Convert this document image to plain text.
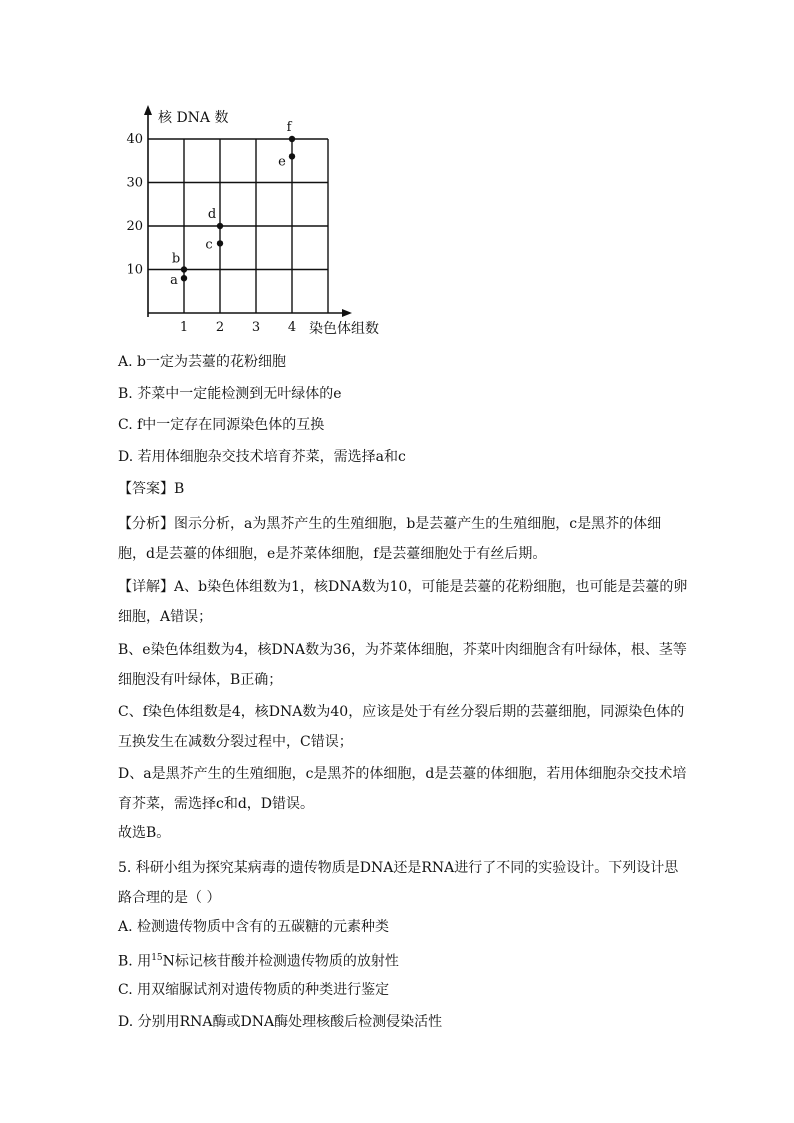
核 DNA 数
染色体组数
1 2 3 4
10
20
30
40
a
b
c
d
e
f
A. b一定为芸薹的花粉细胞
B. 芥菜中一定能检测到无叶绿体的e
C. f中一定存在同源染色体的互换
D. 若用体细胞杂交技术培育芥菜，需选择a和c
【答案】B
【分析】图示分析，a为黑芥产生的生殖细胞，b是芸薹产生的生殖细胞，c是黑芥的体细胞，d是芸薹的体细胞，e是芥菜体细胞，f是芸薹细胞处于有丝后期。
【详解】A、b染色体组数为1，核DNA数为10，可能是芸薹的花粉细胞，也可能是芸薹的卵细胞，A错误；
B、e染色体组数为4，核DNA数为36，为芥菜体细胞，芥菜叶肉细胞含有叶绿体，根、茎等细胞没有叶绿体，B正确；
C、f染色体组数是4，核DNA数为40，应该是处于有丝分裂后期的芸薹细胞，同源染色体的互换发生在减数分裂过程中，C错误；
D、a是黑芥产生的生殖细胞，c是黑芥的体细胞，d是芸薹的体细胞，若用体细胞杂交技术培育芥菜，需选择c和d，D错误。
故选B。
5. 科研小组为探究某病毒的遗传物质是DNA还是RNA进行了不同的实验设计。下列设计思路合理的是（ ）
A. 检测遗传物质中含有的五碳糖的元素种类
B. 用$^{15}$N标记核苷酸并检测遗传物质的放射性
C. 用双缩脲试剂对遗传物质的种类进行鉴定
D. 分别用RNA酶或DNA酶处理核酸后检测侵染活性
